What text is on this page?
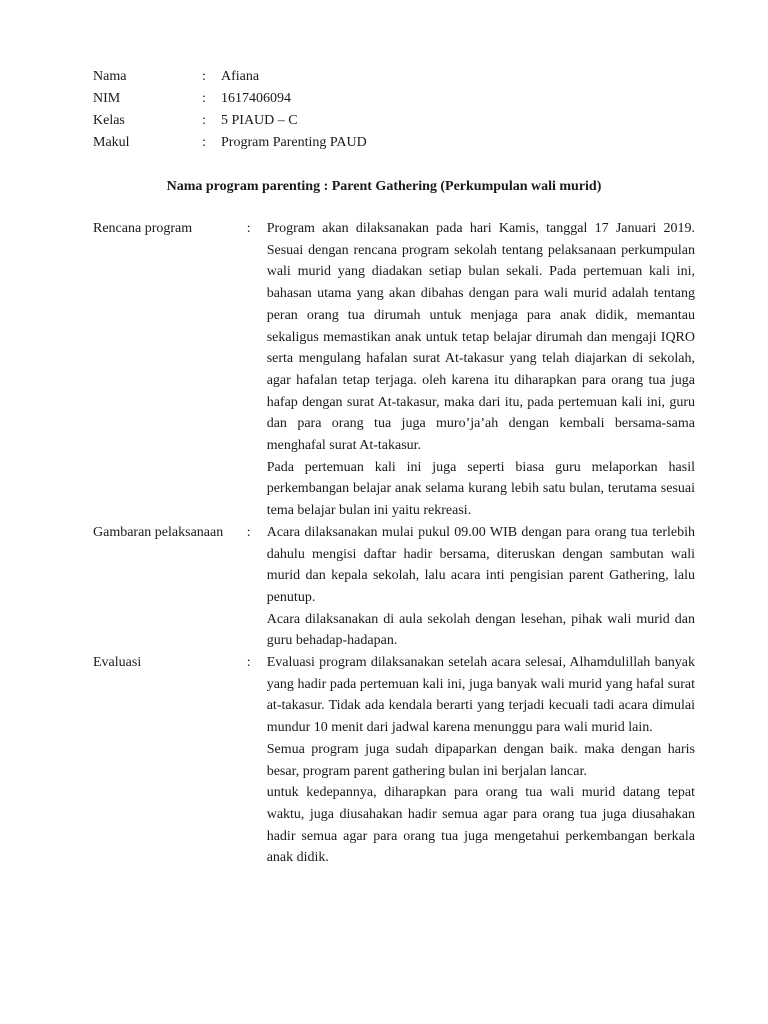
Nama	:	Afiana
NIM	:	1617406094
Kelas	:	5 PIAUD – C
Makul	:	Program Parenting PAUD
Nama program parenting : Parent Gathering (Perkumpulan wali murid)
Rencana program	:	Program akan dilaksanakan pada hari Kamis, tanggal 17 Januari 2019. Sesuai dengan rencana program sekolah tentang pelaksanaan perkumpulan wali murid yang diadakan setiap bulan sekali. Pada pertemuan kali ini, bahasan utama yang akan dibahas dengan para wali murid adalah tentang peran orang tua dirumah untuk menjaga para anak didik, memantau sekaligus memastikan anak untuk tetap belajar dirumah dan mengaji IQRO serta mengulang hafalan surat At-takasur yang telah diajarkan di sekolah, agar hafalan tetap terjaga. oleh karena itu diharapkan para orang tua juga hafap dengan surat At-takasur, maka dari itu, pada pertemuan kali ini, guru dan para orang tua juga muro’ja’ah dengan kembali bersama-sama menghafal surat At-takasur.

Pada pertemuan kali ini juga seperti biasa guru melaporkan hasil perkembangan belajar anak selama kurang lebih satu bulan, terutama sesuai tema belajar bulan ini yaitu rekreasi.

Gambaran pelaksanaan	:	Acara dilaksanakan mulai pukul 09.00 WIB dengan para orang tua terlebih dahulu mengisi daftar hadir bersama, diteruskan dengan sambutan wali murid dan kepala sekolah, lalu acara inti pengisian parent Gathering, lalu penutup.

Acara dilaksanakan di aula sekolah dengan lesehan, pihak wali murid dan guru behadap-hadapan.

Evaluasi	:	Evaluasi program dilaksanakan setelah acara selesai, Alhamdulillah banyak yang hadir pada pertemuan kali ini, juga banyak wali murid yang hafal surat at-takasur. Tidak ada kendala berarti yang terjadi kecuali tadi acara dimulai mundur 10 menit dari jadwal karena menunggu para wali murid lain.

Semua program juga sudah dipaparkan dengan baik. maka dengan haris besar, program parent gathering bulan ini berjalan lancar.

untuk kedepannya, diharapkan para orang tua wali murid datang tepat waktu, juga diusahakan hadir semua agar para orang tua juga diusahakan hadir semua agar para orang tua juga mengetahui perkembangan berkala anak didik.
